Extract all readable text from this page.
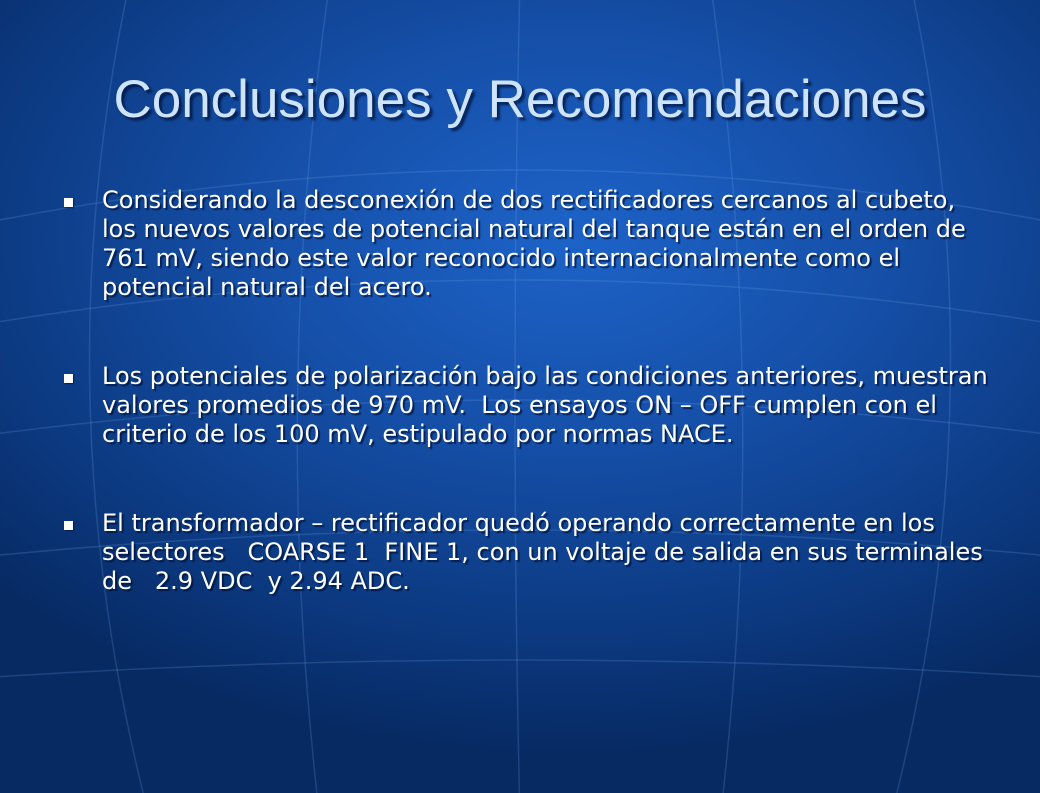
Conclusiones y Recomendaciones
Considerando la desconexión de dos rectificadores cercanos al cubeto, los nuevos valores de potencial natural del tanque están en el orden de 761 mV, siendo este valor reconocido internacionalmente como el potencial natural del acero.
Los potenciales de polarización bajo las condiciones anteriores, muestran valores promedios de 970 mV.  Los ensayos ON – OFF cumplen con el criterio de los 100 mV, estipulado por normas NACE.
El transformador – rectificador quedó operando correctamente en los selectores   COARSE 1  FINE 1, con un voltaje de salida en sus terminales de   2.9 VDC  y 2.94 ADC.
